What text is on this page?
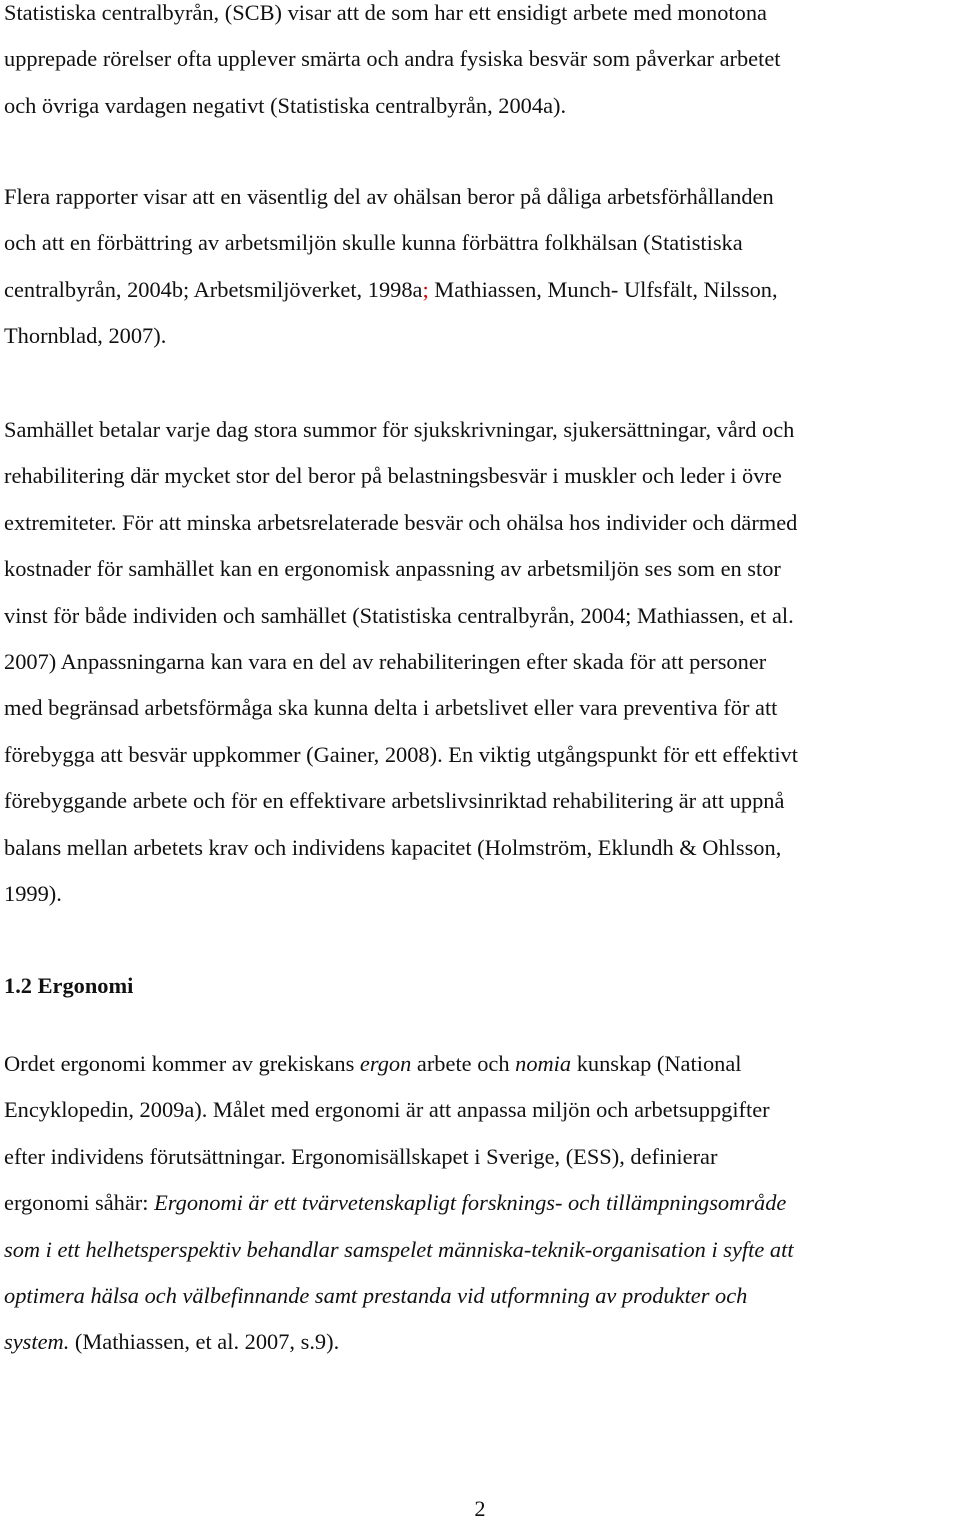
Statistiska centralbyrån, (SCB) visar att de som har ett ensidigt arbete med monotona
upprepade rörelser ofta upplever smärta och andra fysiska besvär som påverkar arbetet
och övriga vardagen negativt (Statistiska centralbyrån, 2004a).

Flera rapporter visar att en väsentlig del av ohälsan beror på dåliga arbetsförhållanden
och att en förbättring av arbetsmiljön skulle kunna förbättra folkhälsan (Statistiska
centralbyrån, 2004b; Arbetsmiljöverket, 1998a; Mathiassen, Munch- Ulfsfält, Nilsson,
Thornblad, 2007).

Samhället betalar varje dag stora summor för sjukskrivningar, sjukersättningar, vård och
rehabilitering där mycket stor del beror på belastningsbesvär i muskler och leder i övre
extremiteter. För att minska arbetsrelaterade besvär och ohälsa hos individer och därmed
kostnader för samhället kan en ergonomisk anpassning av arbetsmiljön ses som en stor
vinst för både individen och samhället (Statistiska centralbyrån, 2004; Mathiassen, et al.
2007) Anpassningarna kan vara en del av rehabiliteringen efter skada för att personer
med begränsad arbetsförmåga ska kunna delta i arbetslivet eller vara preventiva för att
förebygga att besvär uppkommer (Gainer, 2008). En viktig utgångspunkt för ett effektivt
förebyggande arbete och för en effektivare arbetslivsinriktad rehabilitering är att uppnå
balans mellan arbetets krav och individens kapacitet (Holmström, Eklundh & Ohlsson,
1999).

1.2 Ergonomi

Ordet ergonomi kommer av grekiskans ergon arbete och nomia kunskap (National
Encyklopedin, 2009a). Målet med ergonomi är att anpassa miljön och arbetsuppgifter
efter individens förutsättningar. Ergonomisällskapet i Sverige, (ESS), definierar
ergonomi såhär: Ergonomi är ett tvärvetenskapligt forsknings- och tillämpningsområde
som i ett helhetsperspektiv behandlar samspelet människa-teknik-organisation i syfte att
optimera hälsa och välbefinnande samt prestanda vid utformning av produkter och
system. (Mathiassen, et al. 2007, s.9).

2
